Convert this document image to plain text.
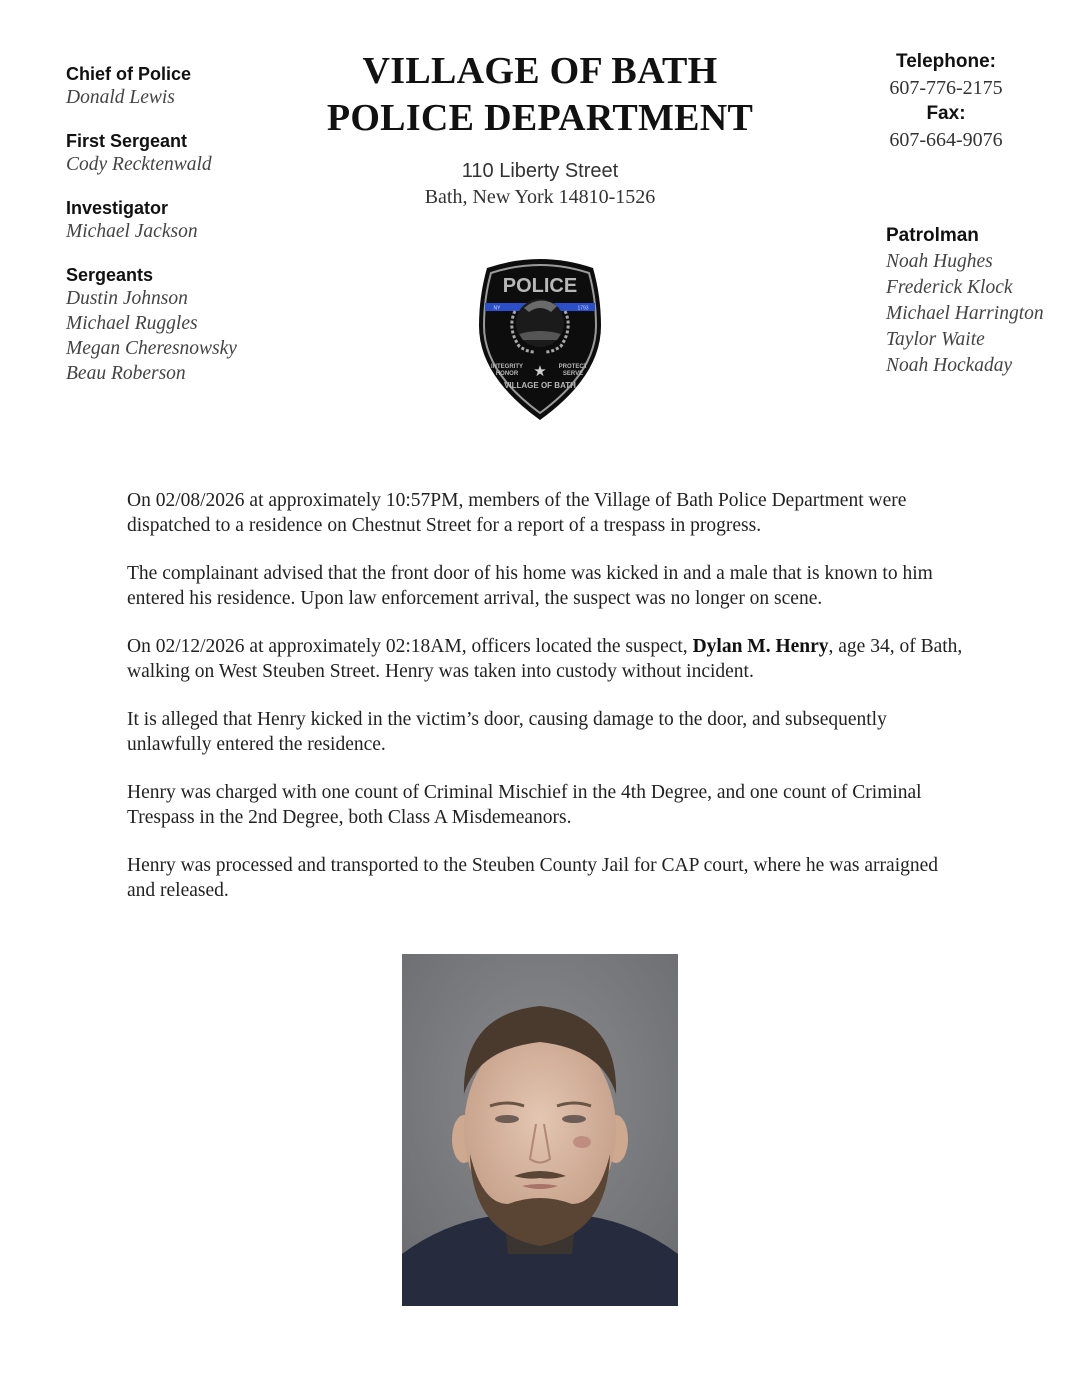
Chief of Police

Donald Lewis

First Sergeant

Cody Recktenwald

Investigator

Michael Jackson

Sergeants

Dustin Johnson

Michael Ruggles

Megan Cheresnowsky

Beau Roberson

VILLAGE OF BATH
POLICE DEPARTMENT
110 Liberty Street
Bath, New York 14810-1526
Telephone:
607-776-2175
Fax:
607-664-9076

Patrolman

Noah Hughes

Frederick Klock

Michael Harrington

Taylor Waite

Noah Hockaday

POLICE
NY	1793
INTEGRITY
HONOR
PROTECT
SERVE
★
VILLAGE OF BATH

On 02/08/2026 at approximately 10:57PM, members of the Village of Bath Police Department were dispatched to a residence on Chestnut Street for a report of a trespass in progress.

The complainant advised that the front door of his home was kicked in and a male that is known to him entered his residence. Upon law enforcement arrival, the suspect was no longer on scene.

On 02/12/2026 at approximately 02:18AM, officers located the suspect, Dylan M. Henry, age 34, of Bath, walking on West Steuben Street. Henry was taken into custody without incident.

It is alleged that Henry kicked in the victim’s door, causing damage to the door, and subsequently unlawfully entered the residence.

Henry was charged with one count of Criminal Mischief in the 4th Degree, and one count of Criminal Trespass in the 2nd Degree, both Class A Misdemeanors.

Henry was processed and transported to the Steuben County Jail for CAP court, where he was arraigned and released.
